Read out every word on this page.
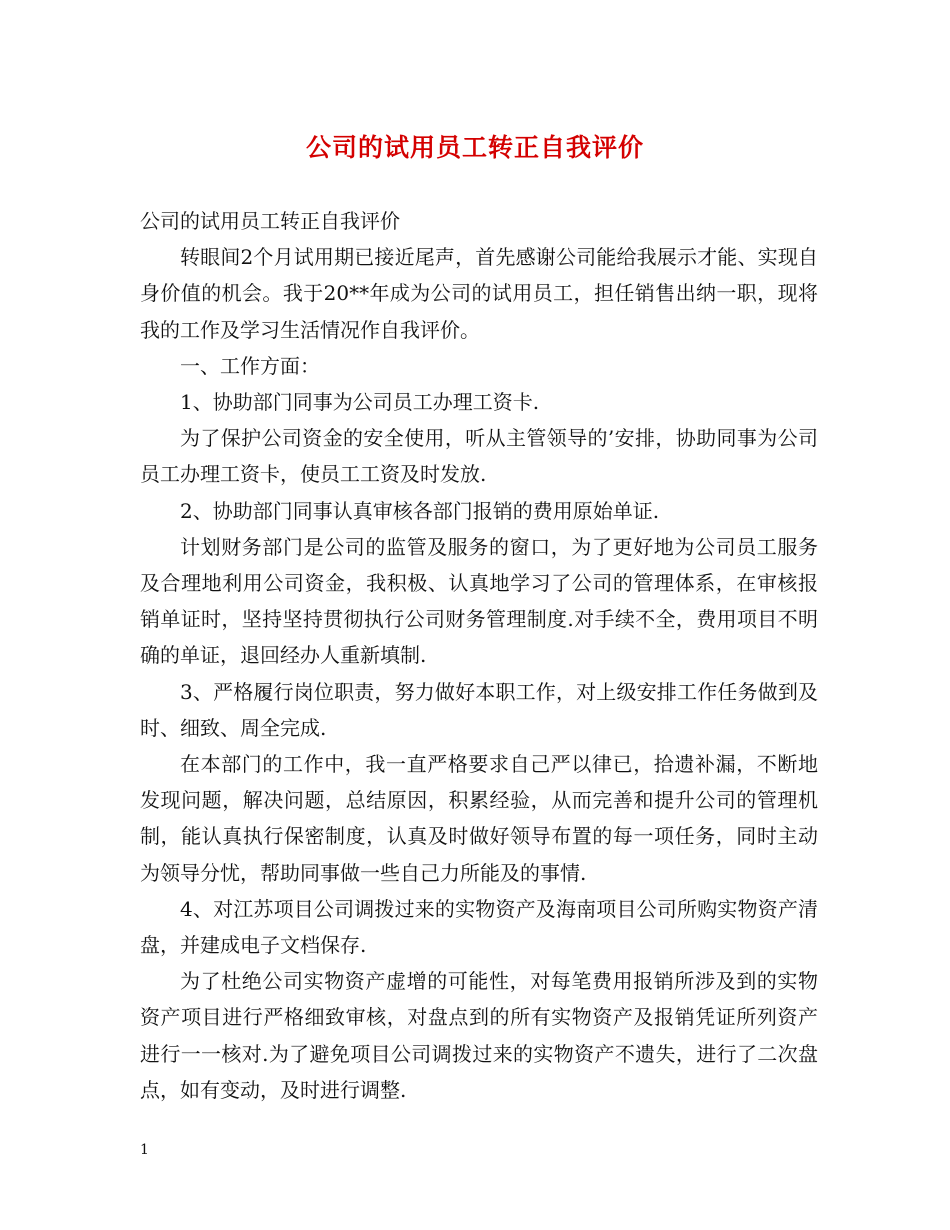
公司的试用员工转正自我评价

公司的试用员工转正自我评价

转眼间2个月试用期已接近尾声，首先感谢公司能给我展示才能、实现自身价值的机会。我于20**年成为公司的试用员工，担任销售出纳一职，现将我的工作及学习生活情况作自我评价。

一、工作方面：

1、协助部门同事为公司员工办理工资卡.

为了保护公司资金的安全使用，听从主管领导的’安排，协助同事为公司员工办理工资卡，使员工工资及时发放.

2、协助部门同事认真审核各部门报销的费用原始单证.

计划财务部门是公司的监管及服务的窗口，为了更好地为公司员工服务及合理地利用公司资金，我积极、认真地学习了公司的管理体系，在审核报销单证时，坚持坚持贯彻执行公司财务管理制度.对手续不全，费用项目不明确的单证，退回经办人重新填制.

3、严格履行岗位职责，努力做好本职工作，对上级安排工作任务做到及时、细致、周全完成.

在本部门的工作中，我一直严格要求自己严以律已，拾遗补漏，不断地发现问题，解决问题，总结原因，积累经验，从而完善和提升公司的管理机制，能认真执行保密制度，认真及时做好领导布置的每一项任务，同时主动为领导分忧，帮助同事做一些自己力所能及的事情.

4、对江苏项目公司调拨过来的实物资产及海南项目公司所购实物资产清盘，并建成电子文档保存.

为了杜绝公司实物资产虚增的可能性，对每笔费用报销所涉及到的实物资产项目进行严格细致审核，对盘点到的所有实物资产及报销凭证所列资产进行一一核对.为了避免项目公司调拨过来的实物资产不遗失，进行了二次盘点，如有变动，及时进行调整.

1
